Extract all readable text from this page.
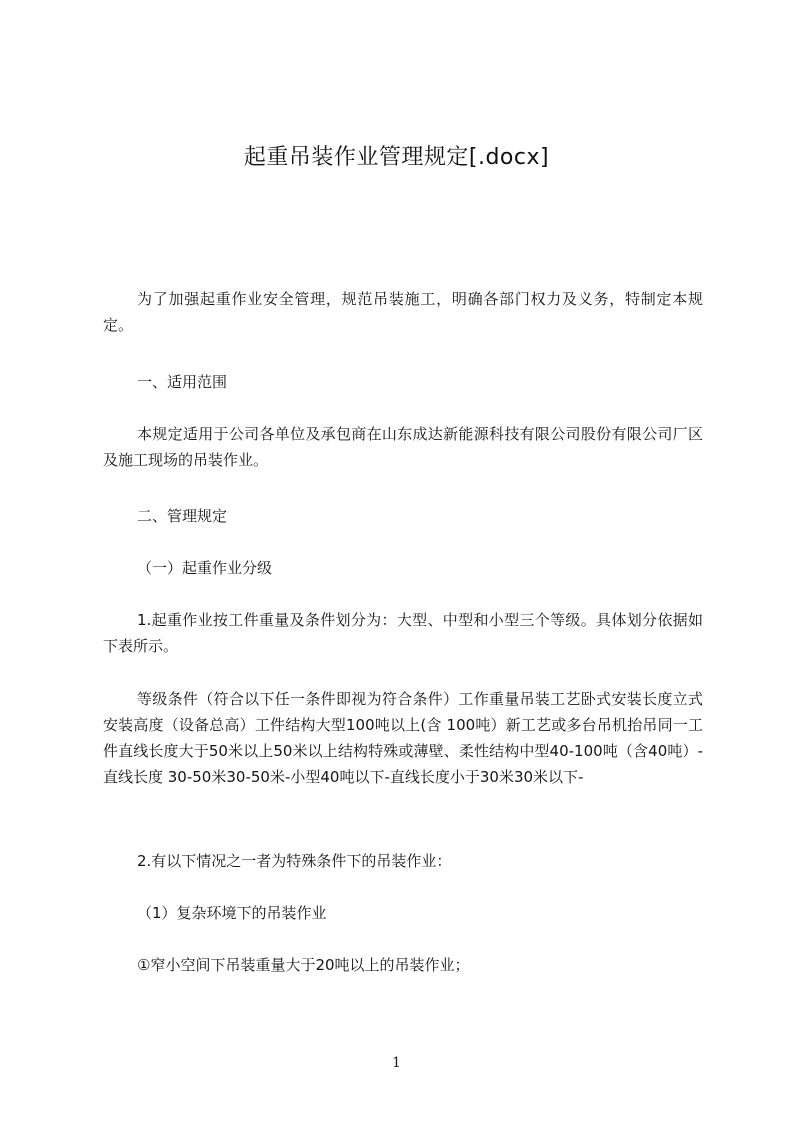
起重吊装作业管理规定[.docx]

为了加强起重作业安全管理，规范吊装施工，明确各部门权力及义务，特制定本规定。

一、适用范围

本规定适用于公司各单位及承包商在山东成达新能源科技有限公司股份有限公司厂区及施工现场的吊装作业。

二、管理规定

（一）起重作业分级

1.起重作业按工件重量及条件划分为：大型、中型和小型三个等级。具体划分依据如下表所示。

等级条件（符合以下任一条件即视为符合条件）工作重量吊装工艺卧式安装长度立式安装高度（设备总高）工件结构大型100吨以上(含 100吨）新工艺或多台吊机抬吊同一工件直线长度大于50米以上50米以上结构特殊或薄壁、柔性结构中型40-100吨（含40吨）-直线长度 30-50米30-50米-小型40吨以下-直线长度小于30米30米以下-

2.有以下情况之一者为特殊条件下的吊装作业：

（1）复杂环境下的吊装作业

①窄小空间下吊装重量大于20吨以上的吊装作业；

1
